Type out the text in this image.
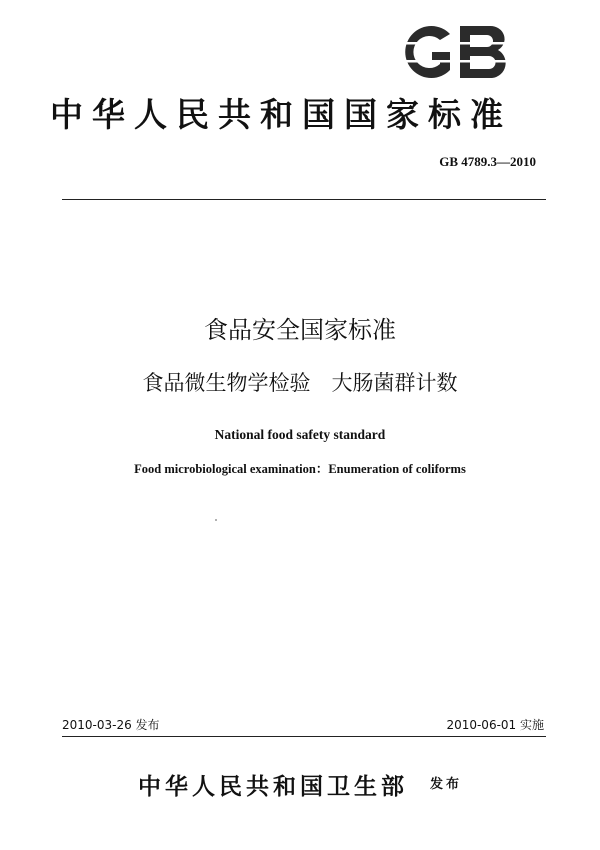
中华人民共和国国家标准
GB 4789.3—2010
食品安全国家标准
食品微生物学检验　大肠菌群计数
National food safety standard
Food microbiological examination：Enumeration of coliforms
2010-03-26 发布	2010-06-01 实施
中华人民共和国卫生部 发布
